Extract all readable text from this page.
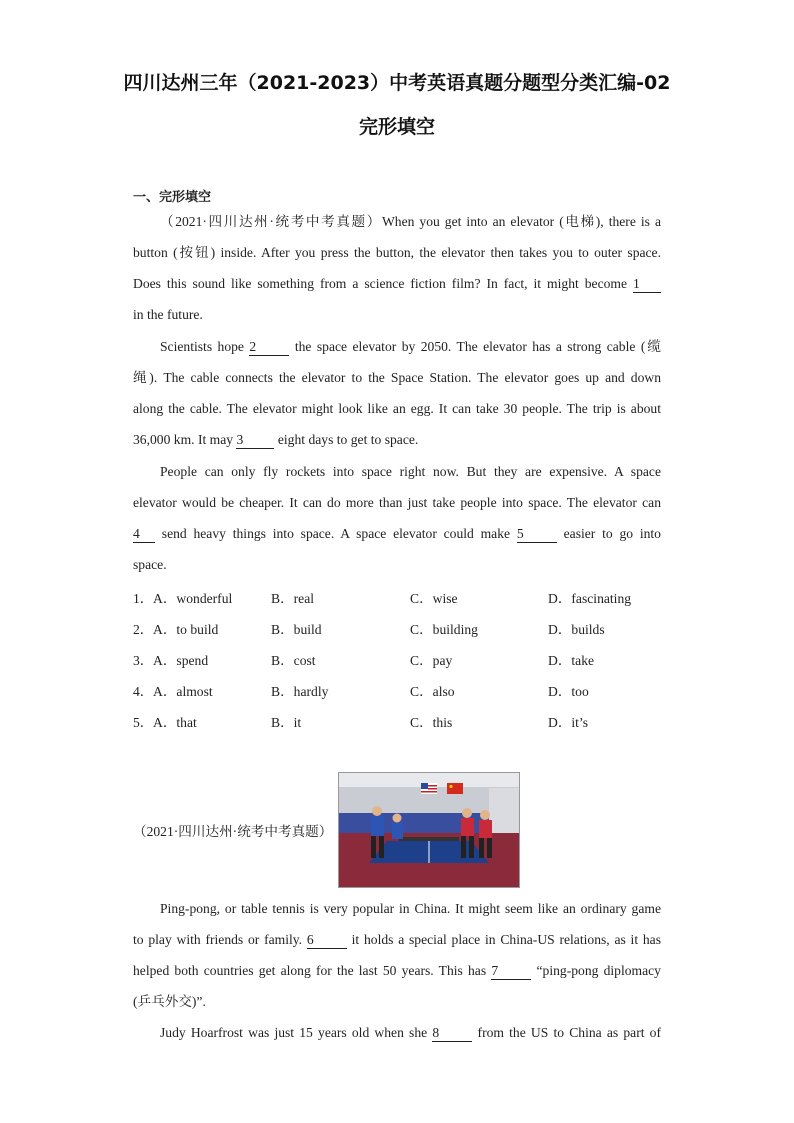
四川达州三年（2021-2023）中考英语真题分题型分类汇编-02
完形填空
一、完形填空
（2021·四川达州·统考中考真题）When you get into an elevator (电梯), there is a
button (按钮) inside. After you press the button, the elevator then takes you to outer space.
Does this sound like something from a science fiction film? In fact, it might become 1
in the future.
Scientists hope 2	the space elevator by 2050. The elevator has a strong cable (缆
绳). The cable connects the elevator to the Space Station. The elevator goes up and down
along the cable. The elevator might look like an egg. It can take 30 people. The trip is about
36,000 km. It may 3	eight days to get to space.
People can only fly rockets into space right now. But they are expensive. A space
elevator would be cheaper. It can do more than just take people into space. The elevator can
4 send heavy things into space. A space elevator could make 5	easier to go into
space.
1． A．wonderful	B．real	C．wise	D．fascinating
2． A．to build	B．build	C．building	D．builds
3． A．spend	B．cost	C．pay	D．take
4． A．almost	B．hardly	C．also	D．too
5． A．that	B．it	C．this	D．it’s
（2021·四川达州·统考中考真题）
Ping-pong, or table tennis is very popular in China. It might seem like an ordinary game
to play with friends or family. 6	it holds a special place in China-US relations, as it has
helped both countries get along for the last 50 years. This has 7	“ping-pong diplomacy
(乒乓外交)”.
Judy Hoarfrost was just 15 years old when she 8	from the US to China as part of
